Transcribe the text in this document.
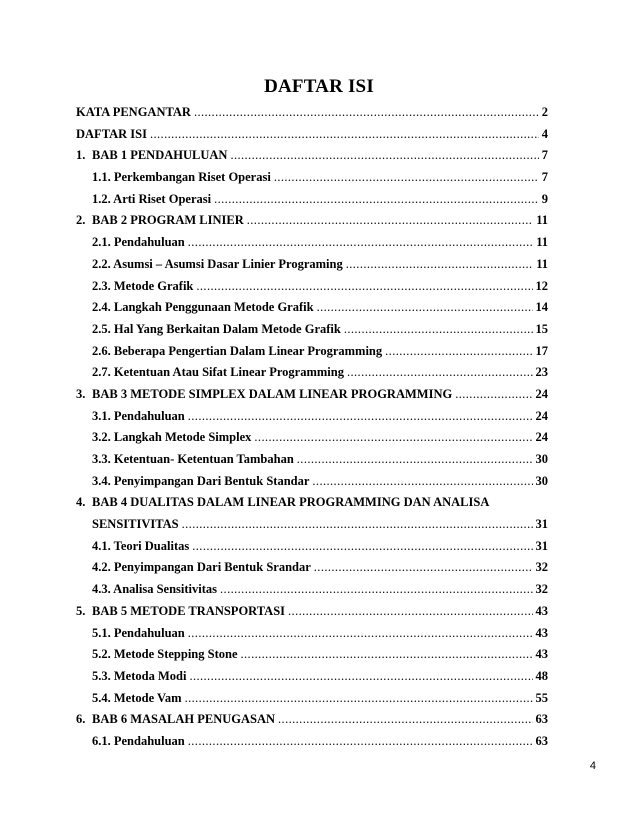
DAFTAR ISI
KATA PENGANTAR .....	2
DAFTAR ISI .....	4
1. BAB 1 PENDAHULUAN .....	7
1.1. Perkembangan Riset Operasi .....	7
1.2. Arti Riset Operasi .....	9
2. BAB 2 PROGRAM LINIER .....	11
2.1. Pendahuluan .....	11
2.2. Asumsi – Asumsi Dasar Linier Programing .....	11
2.3. Metode Grafik .....	12
2.4. Langkah Penggunaan Metode Grafik .....	14
2.5. Hal Yang Berkaitan Dalam Metode Grafik .....	15
2.6. Beberapa Pengertian Dalam Linear Programming .....	17
2.7. Ketentuan Atau Sifat Linear Programming .....	23
3. BAB 3 METODE SIMPLEX DALAM LINEAR PROGRAMMING .....	24
3.1. Pendahuluan .....	24
3.2. Langkah Metode Simplex .....	24
3.3. Ketentuan- Ketentuan Tambahan .....	30
3.4. Penyimpangan Dari Bentuk Standar .....	30
4. BAB 4 DUALITAS DALAM LINEAR PROGRAMMING DAN ANALISA
SENSITIVITAS .....	31
4.1. Teori Dualitas .....	31
4.2. Penyimpangan Dari Bentuk Srandar .....	32
4.3. Analisa Sensitivitas .....	32
5. BAB 5 METODE TRANSPORTASI .....	43
5.1. Pendahuluan .....	43
5.2. Metode Stepping Stone .....	43
5.3. Metoda Modi .....	48
5.4. Metode Vam .....	55
6. BAB 6 MASALAH PENUGASAN .....	63
6.1. Pendahuluan .....	63
4
